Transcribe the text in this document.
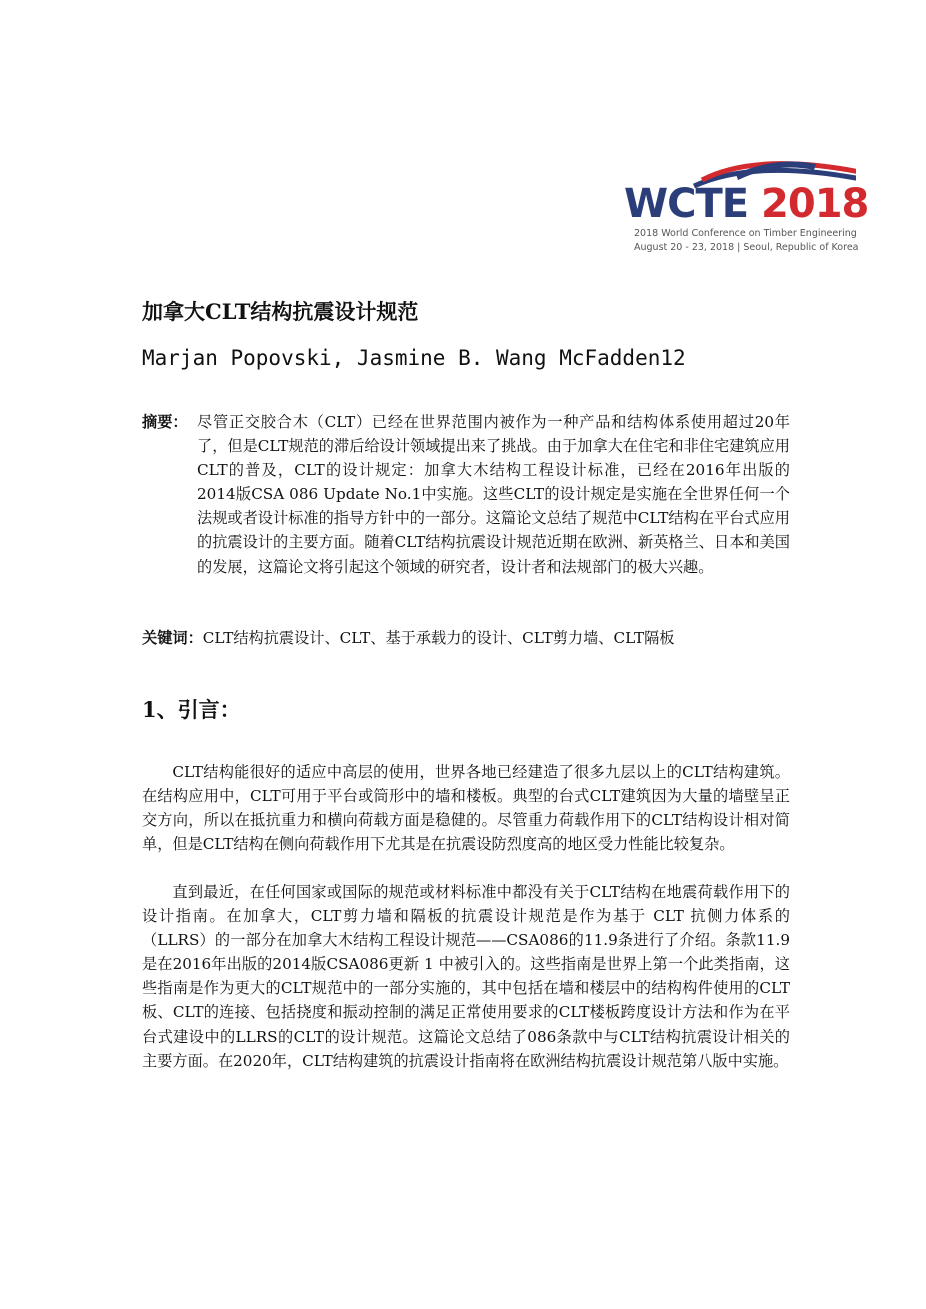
WCTE 2018
2018 World Conference on Timber Engineering
August 20 - 23, 2018 | Seoul, Republic of Korea
加拿大CLT结构抗震设计规范
Marjan Popovski, Jasmine B. Wang McFadden12
摘要： 尽管正交胶合木（CLT）已经在世界范围内被作为一种产品和结构体系使用超过20年了，但是CLT规范的滞后给设计领域提出来了挑战。由于加拿大在住宅和非住宅建筑应用CLT的普及，CLT的设计规定：加拿大木结构工程设计标准，已经在2016年出版的2014版CSA 086 Update No.1中实施。这些CLT的设计规定是实施在全世界任何一个法规或者设计标准的指导方针中的一部分。这篇论文总结了规范中CLT结构在平台式应用的抗震设计的主要方面。随着CLT结构抗震设计规范近期在欧洲、新英格兰、日本和美国的发展，这篇论文将引起这个领域的研究者，设计者和法规部门的极大兴趣。
关键词：CLT结构抗震设计、CLT、基于承载力的设计、CLT剪力墙、CLT隔板
1、引言：

CLT结构能很好的适应中高层的使用，世界各地已经建造了很多九层以上的CLT结构建筑。在结构应用中，CLT可用于平台或筒形中的墙和楼板。典型的台式CLT建筑因为大量的墙壁呈正交方向，所以在抵抗重力和横向荷载方面是稳健的。尽管重力荷载作用下的CLT结构设计相对简单，但是CLT结构在侧向荷载作用下尤其是在抗震设防烈度高的地区受力性能比较复杂。

直到最近，在任何国家或国际的规范或材料标准中都没有关于CLT结构在地震荷载作用下的设计指南。在加拿大，CLT剪力墙和隔板的抗震设计规范是作为基于 CLT 抗侧力体系的（LLRS）的一部分在加拿大木结构工程设计规范——CSA086的11.9条进行了介绍。条款11.9是在2016年出版的2014版CSA086更新 1 中被引入的。这些指南是世界上第一个此类指南，这些指南是作为更大的CLT规范中的一部分实施的，其中包括在墙和楼层中的结构构件使用的CLT板、CLT的连接、包括挠度和振动控制的满足正常使用要求的CLT楼板跨度设计方法和作为在平台式建设中的LLRS的CLT的设计规范。这篇论文总结了086条款中与CLT结构抗震设计相关的主要方面。在2020年，CLT结构建筑的抗震设计指南将在欧洲结构抗震设计规范第八版中实施。
